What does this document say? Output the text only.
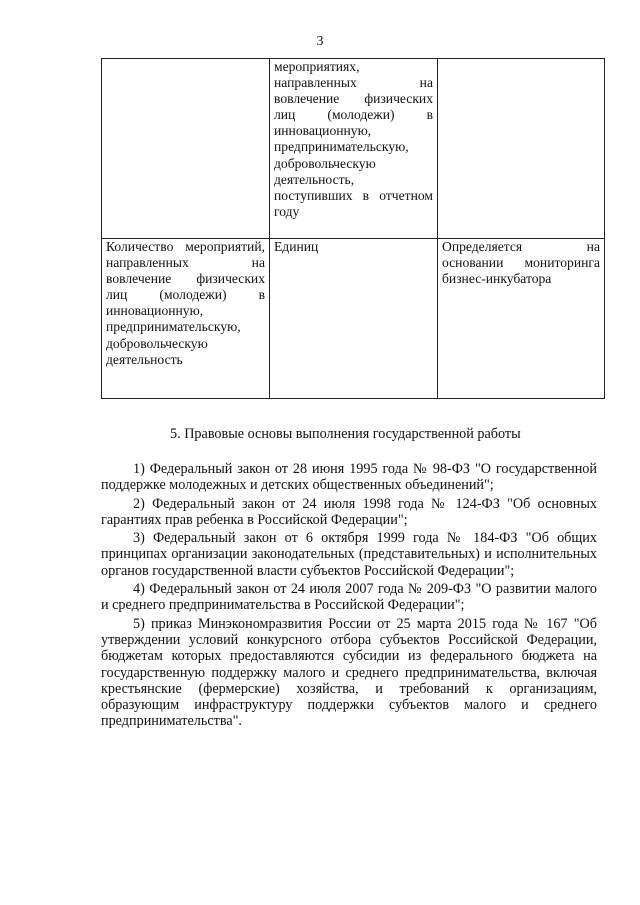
3
	мероприятиях, направленных на вовлечение физических лиц (молодежи) в инновационную, предпринимательскую, добровольческую деятельность, поступивших в отчетном году	
Количество мероприятий, направленных на вовлечение физических лиц (молодежи) в инновационную, предпринимательскую, добровольческую деятельность	Единиц	Определяется на основании мониторинга бизнес-инкубатора
5. Правовые основы выполнения государственной работы

1) Федеральный закон от 28 июня 1995 года № 98-ФЗ "О государственной поддержке молодежных и детских общественных объединений";

2) Федеральный закон от 24 июля 1998 года № 124-ФЗ "Об основных гарантиях прав ребенка в Российской Федерации";

3) Федеральный закон от 6 октября 1999 года № 184-ФЗ "Об общих принципах организации законодательных (представительных) и исполнительных органов государственной власти субъектов Российской Федерации";

4) Федеральный закон от 24 июля 2007 года № 209-ФЗ "О развитии малого и среднего предпринимательства в Российской Федерации";

5) приказ Минэкономразвития России от 25 марта 2015 года № 167 "Об утверждении условий конкурсного отбора субъектов Российской Федерации, бюджетам которых предоставляются субсидии из федерального бюджета на государственную поддержку малого и среднего предпринимательства, включая крестьянские (фермерские) хозяйства, и требований к организациям, образующим инфраструктуру поддержки субъектов малого и среднего предпринимательства".
